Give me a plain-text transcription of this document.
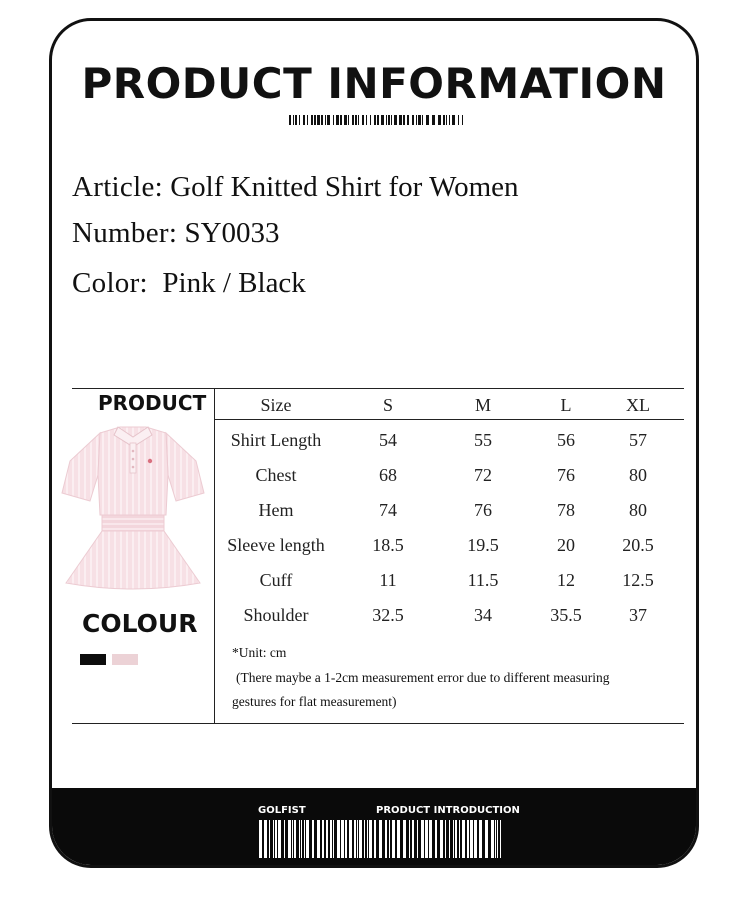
PRODUCT INFORMATION
Article: Golf Knitted Shirt for Women
Number: SY0033
Color: Pink / Black
PRODUCT	Size	S	M	L	XL
Shirt Length	54	55	56	57
Chest	68	72	76	80
Hem	74	76	78	80
Sleeve length	18.5	19.5	20	20.5
Cuff	11	11.5	12	12.5
Shoulder	32.5	34	35.5	37
COLOUR
*Unit: cm
(There maybe a 1-2cm measurement error due to different measuring
gestures for flat measurement)
GOLFIST	PRODUCT INTRODUCTION
